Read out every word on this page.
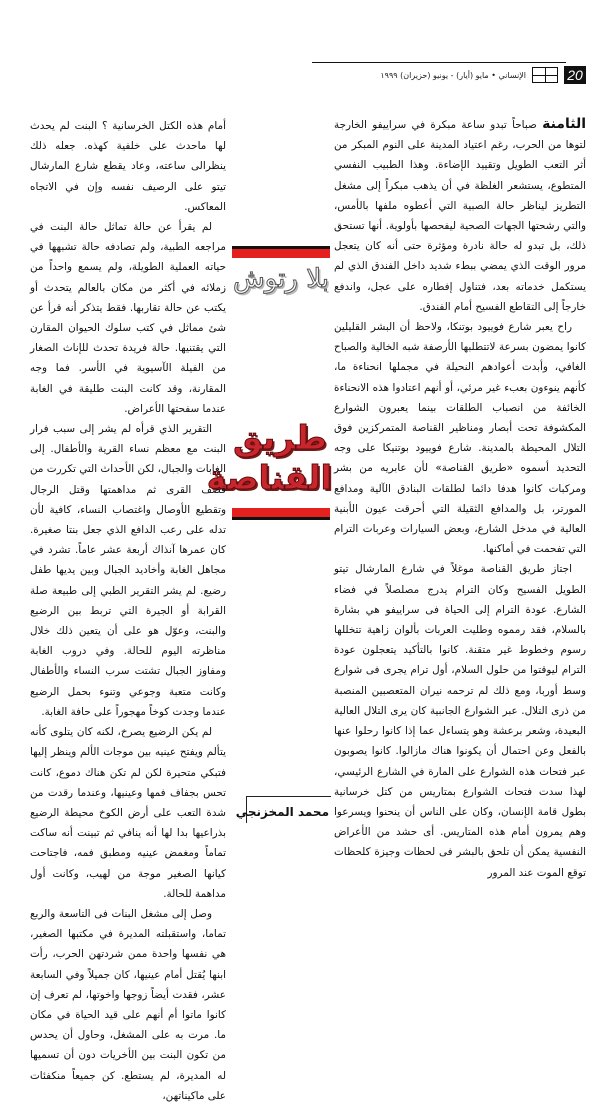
20
الإنساني • مايو (أيار) - يونيو (حزيران) ١٩٩٩

الثامنة صباحاً تبدو ساعة مبكرة في سراييفو الخارجة لتوها من الحرب، رغم اعتياد المدينة على النوم المبكر من أثر التعب الطويل وتقييد الإضاءة. وهذا الطبيب النفسي المتطوع، يستشعر الغلظة في أن يذهب مبكراً إلى مشغل التطريز ليناظر حالة الصبية التي أعطوه ملفها بالأمس، والتي رشحتها الجهات الصحية ليفحصها بأولوية. أنها تستحق ذلك، بل تبدو له حالة نادرة ومؤثرة حتى أنه كان يتعجل مرور الوقت الذي يمضي ببطء شديد داخل الفندق الذي لم يستكمل خدماته بعد، فتناول إفطاره على عجل، واندفع خارجاً إلى التقاطع الفسيح أمام الفندق.

راح يعبر شارع فوييود بوتنكا، ولاحظ أن البشر القليلين كانوا يمضون بسرعة لاتتطلبها الأرصفة شبه الخالية والصباح الغافي، وأبدت أعوادهم النحيلة في مجملها انحناءة ما، كأنهم ينوءون بعبء غير مرئي، أو أنهم اعتادوا هذه الانحناءة الخائفة من انصباب الطلقات بينما يعبرون الشوارع المكشوفة تحت أبصار ومناظير القناصة المتمركزين فوق التلال المحيطة بالمدينة. شارع فوييود بوتنيكا على وجه التحديد أسموه «طريق القناصة» لأن عابريه من بشر ومركبات كانوا هدفا دائما لطلقات البنادق الآلية ومدافع المورتر، بل والمدافع الثقيلة التي أحرقت عيون الأبنية العالية في مدخل الشارع، وبعض السيارات وعربات الترام التي تفحمت في أماكنها.

اجتاز طريق القناصة موغلاً في شارع المارشال تيتو الطويل الفسيح وكان الترام يدرج مصلصلاً في فضاء الشارع. عودة الترام إلى الحياة فى سراييفو هي بشارة بالسلام، فقد رمموه وطليت العربات بألوان زاهية تتخللها رسوم وخطوط غير متقنة. كانوا بالتأكيد يتعجلون عودة الترام ليوقتوا من حلول السلام، أول ترام يجرى فى شوارع وسط أوربا، ومع ذلك لم ترحمه نيران المتعصبين المنصبة من ذرى التلال. عبر الشوارع الجانبية كان يرى التلال العالية البعيدة، وشعر برعشة وهو يتساءل عما إذا كانوا رحلوا عنها بالفعل وعن احتمال أن يكونوا هناك مازالوا. كانوا يصوبون عبر فتحات هذه الشوارع على المارة في الشارع الرئيسي، لهذا سدت فتحات الشوارع بمتاريس من كتل خرسانية بطول قامة الإنسان، وكان على الناس أن ينحنوا ويسرعوا وهم يمرون أمام هذه المتاريس. أى حشد من الأعراض النفسية يمكن أن تلحق بالبشر فى لحظات وجيزة كلحظات توقع الموت عند المرور

بلا رتوش
طريق القناصة
محمد المخزنجي

أمام هذه الكتل الخرسانية ؟ البنت لم يحدث لها ماحدث على خلفية كهذه. جعله ذلك ينظرالى ساعته، وعاد يقطع شارع المارشال تيتو على الرصيف نفسه وإن في الاتجاه المعاكس.

لم يقرأ عن حالة تماثل حالة البنت في مراجعه الطبية، ولم تصادفه حالة تشبهها في حياته العملية الطويلة، ولم يسمع واحداً من زملائه في أكثر من مكان بالعالم يتحدث أو يكتب عن حالة تقاربها. فقط يتذكر أنه قرأ عن شئ مماثل في كتب سلوك الحيوان المقارن التي يقتنيها. حالة فريدة تحدث للإناث الصغار من الفيلة الآسيوية في الأسر. فما وجه المقارنة، وقد كانت البنت طليقة في الغابة عندما سفحتها الأعراض.

التقرير الذي قرأه لم يشر إلى سبب فرار البنت مع معظم نساء القرية والأطفال. إلى الغابات والجبال، لكن الأحداث التي تكررت من قصف القرى ثم مداهمتها وقتل الرجال وتقطيع الأوصال واغتصاب النساء، كافية لأن تدله على رعب الدافع الذي جعل بنتا صغيرة. كان عمرها آنذاك أربعة عشر عاماً. تشرد في مجاهل الغابة وأخاديد الجبال وبين يديها طفل رضيع. لم يشر التقرير الطبي إلى طبيعة صلة القرابة أو الجيرة التي تربط بين الرضيع والبنت، وعوّل هو على أن يتعين ذلك خلال مناظرته اليوم للحالة. وفي دروب الغابة ومفاوز الجبال تشتت سرب النساء والأطفال وكانت متعبة وجوعي وتنوء بحمل الرضيع عندما وجدت كوخاً مهجوراً على حافة الغابة.

لم يكن الرضيع يصرخ، لكنه كان يتلوى كأنه يتألم ويفتح عينيه بين موجات الألم وينظر إليها فتبكي متحيرة لكن لم تكن هناك دموع، كانت تحس بجفاف فمها وعينيها، وعندما رقدت من شدة التعب على أرض الكوخ محيطة الرضيع بذراعيها بدا لها أنه ينافي ثم تبينت أنه ساكت تماماً ومغمض عينيه ومطبق فمه، فاجتاحت كيانها الصغير موجة من لهيب، وكانت أول مداهمة للحالة.

وصل إلى مشغل البنات فى التاسعة والربع تماما، واستقبلته المديرة في مكتبها الصغير، هي نفسها واحدة ممن شردتهن الحرب، رأت ابنها يُقتل أمام عينيها، كان جميلاً وفي السابعة عشر، فقدت أيضاً زوجها واخوتها، لم تعرف إن كانوا ماتوا أم أنهم على قيد الحياة في مكان ما. مرت به على المشغل، وحاول أن يحدس من تكون البنت بين الأخريات دون أن تسميها له المديرة، لم يستطع. كن جميعاً منكفئات على ماكيناتهن،
